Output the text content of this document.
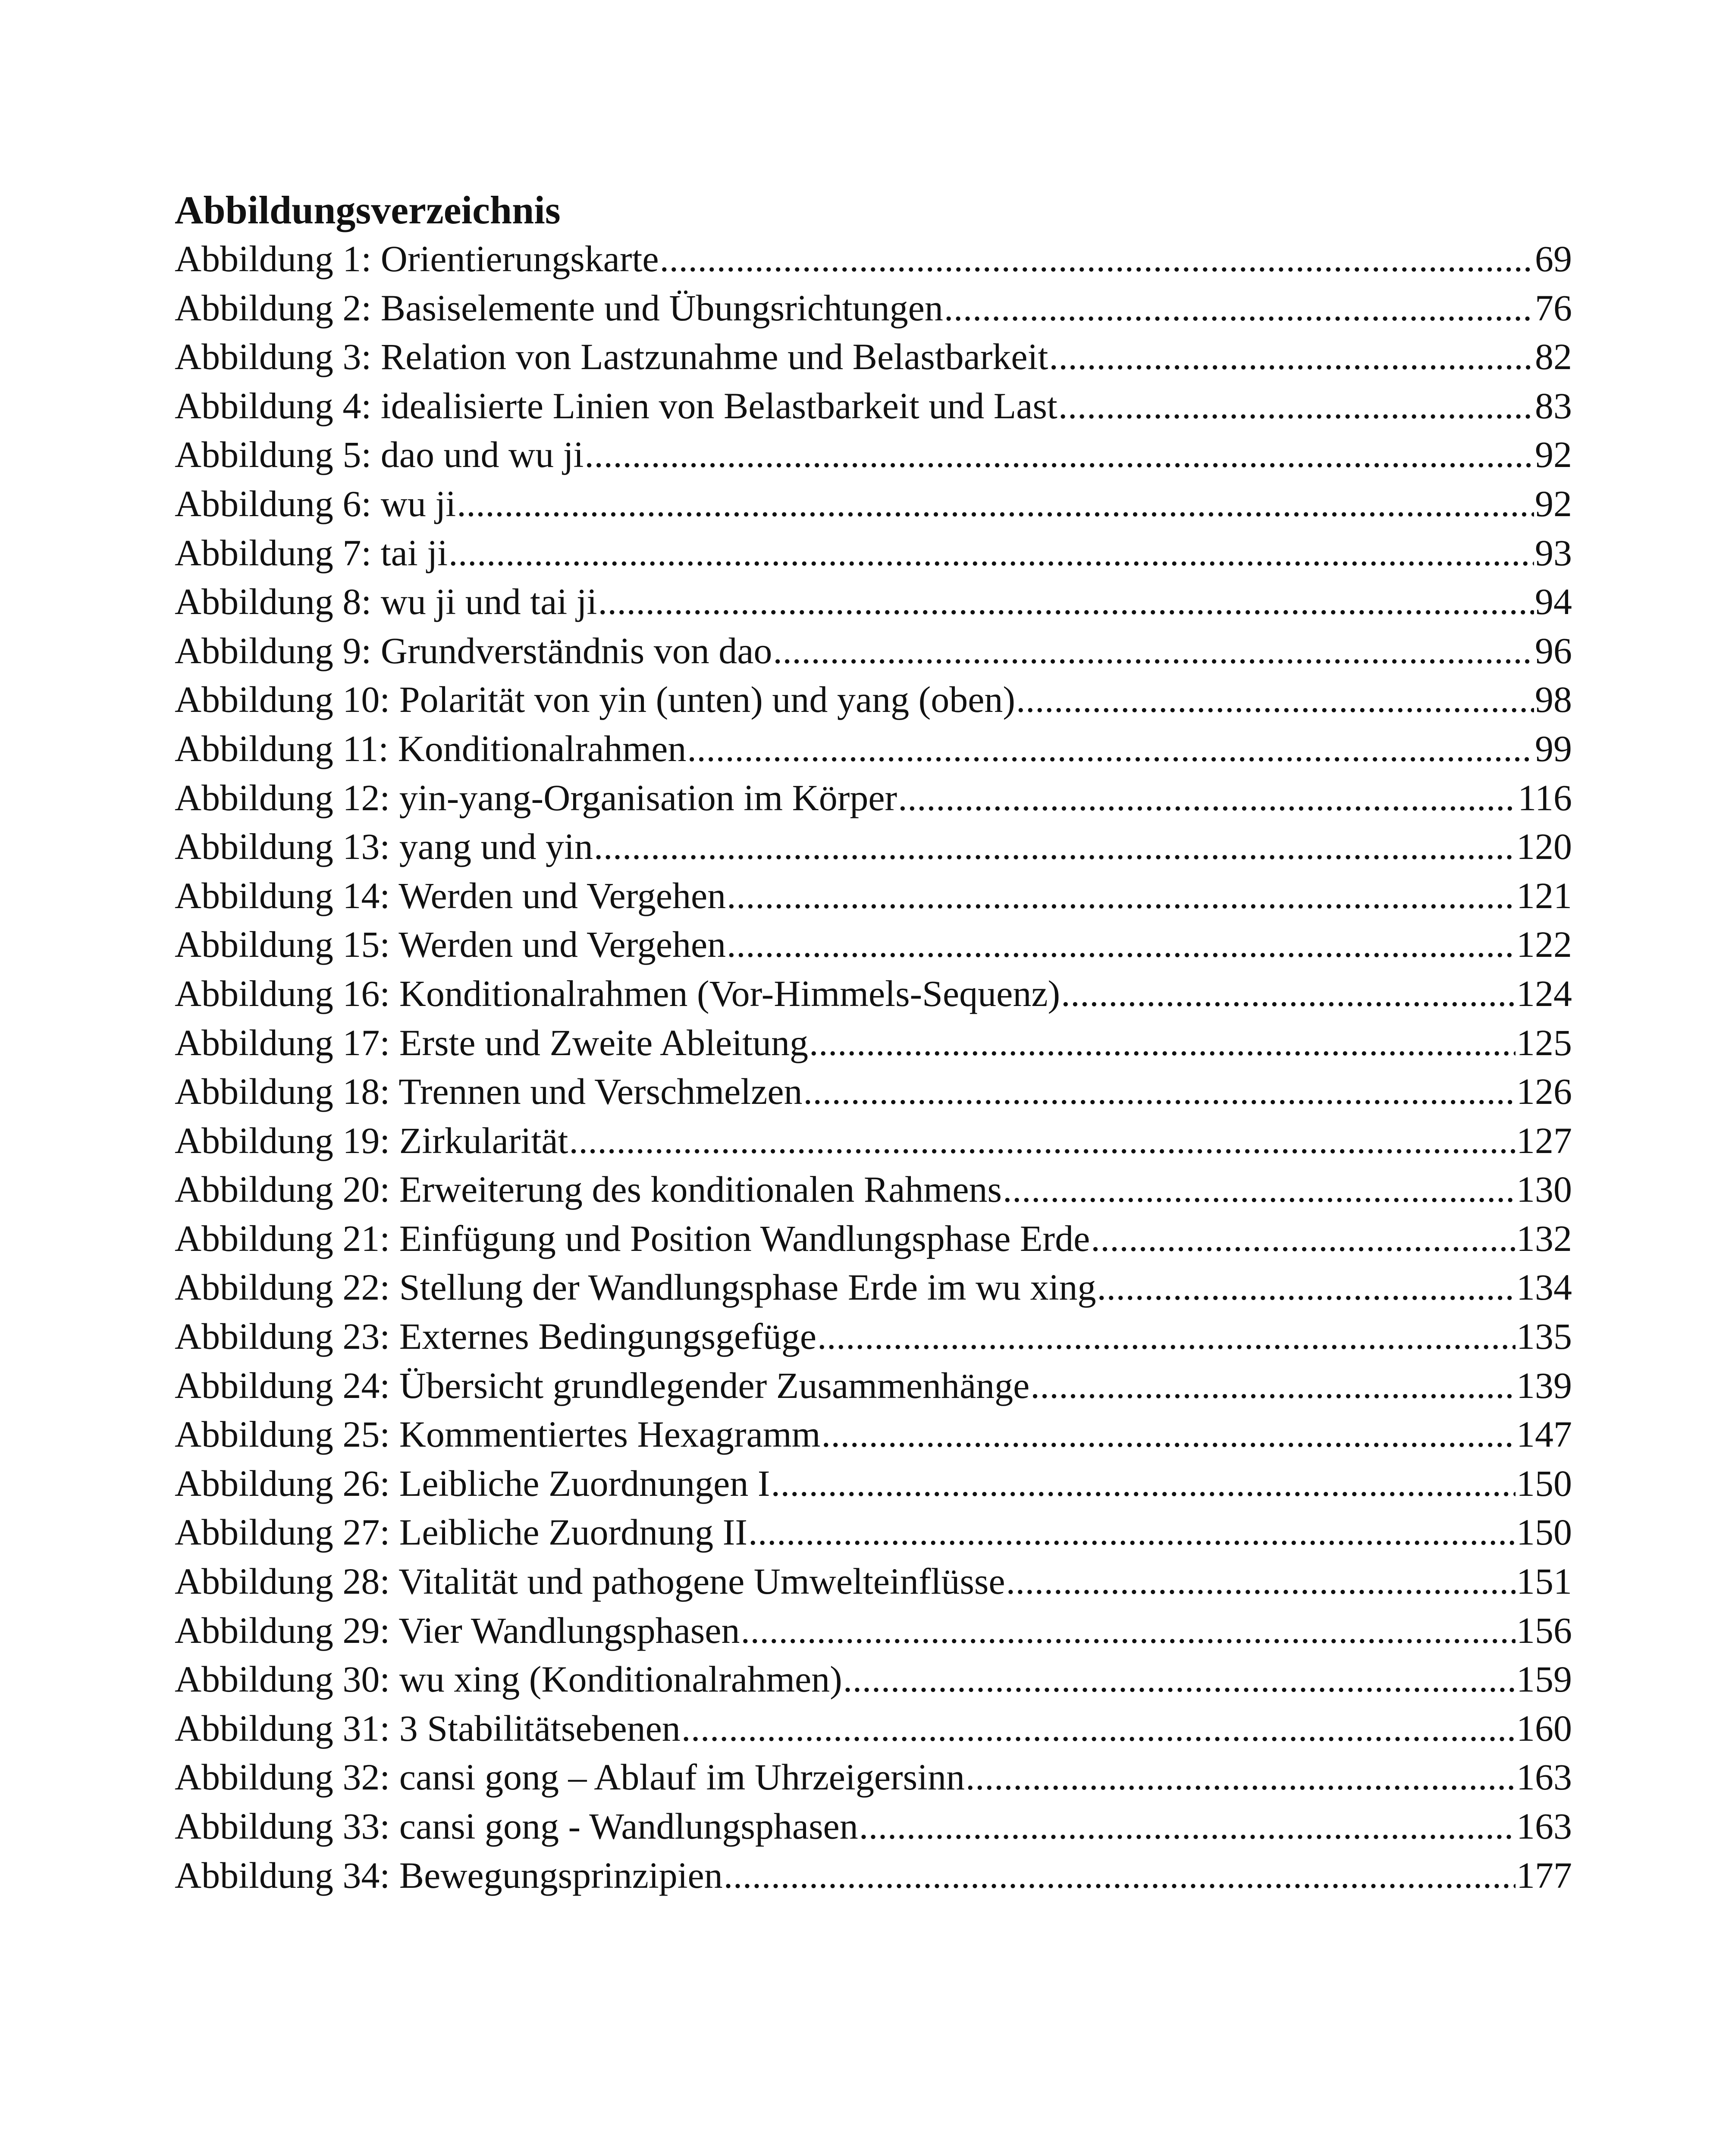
Abbildungsverzeichnis
Abbildung 1: Orientierungskarte .....	69
Abbildung 2: Basiselemente und Übungsrichtungen .....	76
Abbildung 3: Relation von Lastzunahme und Belastbarkeit .....	82
Abbildung 4: idealisierte Linien von Belastbarkeit und Last .....	83
Abbildung 5: dao und wu ji .....	92
Abbildung 6: wu ji .....	92
Abbildung 7: tai ji .....	93
Abbildung 8: wu ji und tai ji .....	94
Abbildung 9: Grundverständnis von dao .....	96
Abbildung 10: Polarität von yin (unten) und yang (oben) .....	98
Abbildung 11: Konditionalrahmen .....	99
Abbildung 12: yin-yang-Organisation im Körper .....	116
Abbildung 13: yang und yin .....	120
Abbildung 14: Werden und Vergehen .....	121
Abbildung 15: Werden und Vergehen .....	122
Abbildung 16: Konditionalrahmen (Vor-Himmels-Sequenz) .....	124
Abbildung 17: Erste und Zweite Ableitung .....	125
Abbildung 18: Trennen und Verschmelzen .....	126
Abbildung 19: Zirkularität .....	127
Abbildung 20: Erweiterung des konditionalen Rahmens .....	130
Abbildung 21: Einfügung und Position Wandlungsphase Erde .....	132
Abbildung 22: Stellung der Wandlungsphase Erde im wu xing .....	134
Abbildung 23: Externes Bedingungsgefüge .....	135
Abbildung 24: Übersicht grundlegender Zusammenhänge .....	139
Abbildung 25: Kommentiertes Hexagramm .....	147
Abbildung 26: Leibliche Zuordnungen I .....	150
Abbildung 27: Leibliche Zuordnung II .....	150
Abbildung 28: Vitalität und pathogene Umwelteinflüsse .....	151
Abbildung 29: Vier Wandlungsphasen .....	156
Abbildung 30: wu xing (Konditionalrahmen) .....	159
Abbildung 31: 3 Stabilitätsebenen .....	160
Abbildung 32: cansi gong – Ablauf im Uhrzeigersinn .....	163
Abbildung 33: cansi gong - Wandlungsphasen .....	163
Abbildung 34: Bewegungsprinzipien .....	177
